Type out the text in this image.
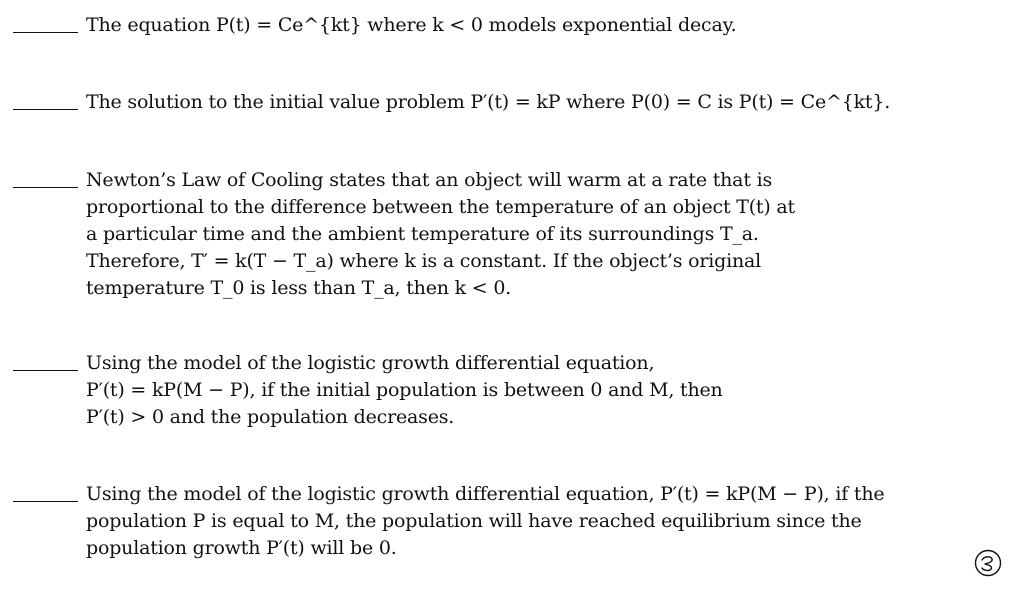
The equation P(t) = Ce^{kt} where k < 0 models exponential decay.
The solution to the initial value problem P′(t) = kP where P(0) = C is P(t) = Ce^{kt}.
Newton’s Law of Cooling states that an object will warm at a rate that is
proportional to the difference between the temperature of an object T(t) at
a particular time and the ambient temperature of its surroundings T_a.
Therefore, T′ = k(T − T_a) where k is a constant. If the object’s original
temperature T_0 is less than T_a, then k < 0.
Using the model of the logistic growth differential equation,
P′(t) = kP(M − P), if the initial population is between 0 and M, then
P′(t) > 0 and the population decreases.
Using the model of the logistic growth differential equation, P′(t) = kP(M − P), if the
population P is equal to M, the population will have reached equilibrium since the
population growth P′(t) will be 0.
